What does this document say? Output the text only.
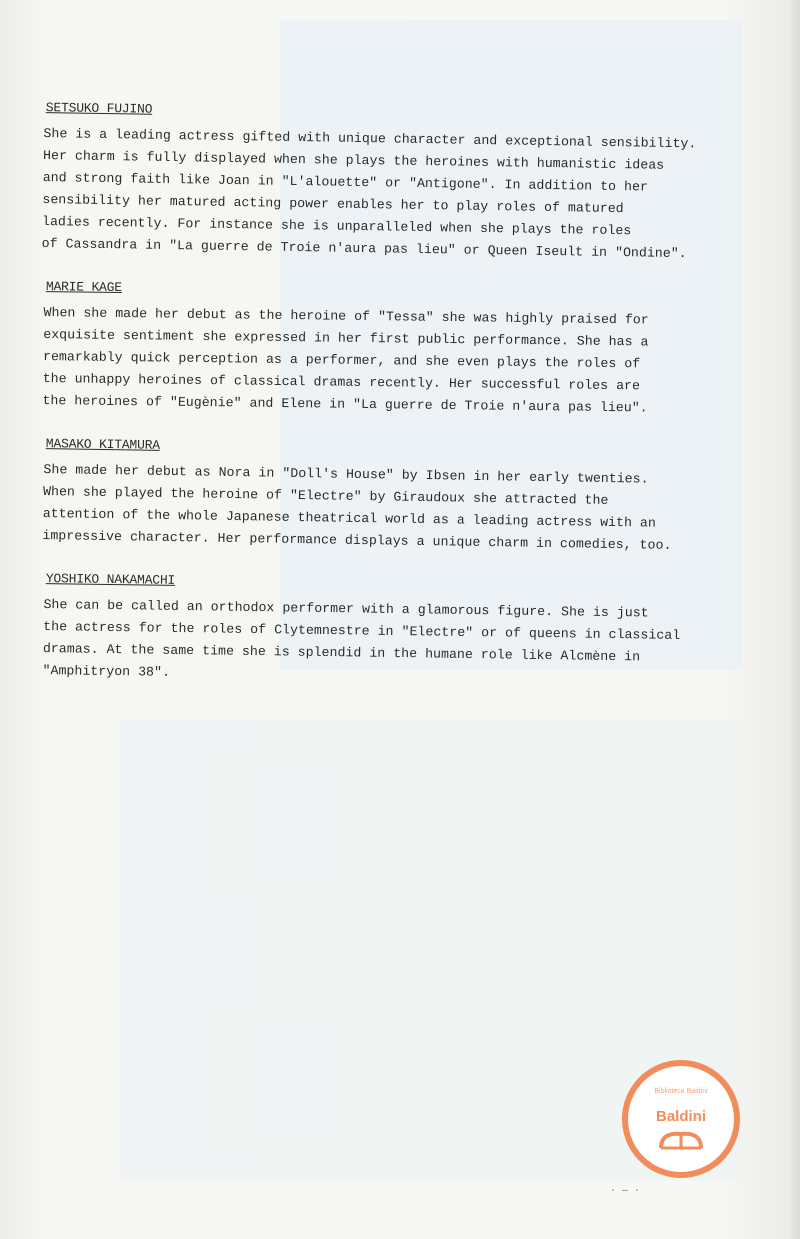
SETSUKO FUJINO
She is a leading actress gifted with unique character and exceptional sensibility.
Her charm is fully displayed when she plays the heroines with humanistic ideas
and strong faith like Joan in "L'alouette" or "Antigone". In addition to her
sensibility her matured acting power enables her to play roles of matured
ladies recently. For instance she is unparalleled when she plays the roles
of Cassandra in "La guerre de Troie n'aura pas lieu" or Queen Iseult in "Ondine".
MARIE KAGE
When she made her debut as the heroine of "Tessa" she was highly praised for
exquisite sentiment she expressed in her first public performance. She has a
remarkably quick perception as a performer, and she even plays the roles of
the unhappy heroines of classical dramas recently. Her successful roles are
the heroines of "Eugènie" and Elene in "La guerre de Troie n'aura pas lieu".
MASAKO KITAMURA
She made her debut as Nora in "Doll's House" by Ibsen in her early twenties.
When she played the heroine of "Electre" by Giraudoux she attracted the
attention of the whole Japanese theatrical world as a leading actress with an
impressive character. Her performance displays a unique charm in comedies, too.
YOSHIKO NAKAMACHI
She can be called an orthodox performer with a glamorous figure. She is just
the actress for the roles of Clytemnestre in "Electre" or of queens in classical
dramas. At the same time she is splendid in the humane role like Alcmène in
"Amphitryon 38".
Biblioteca Baldini
Baldini
· — ·
